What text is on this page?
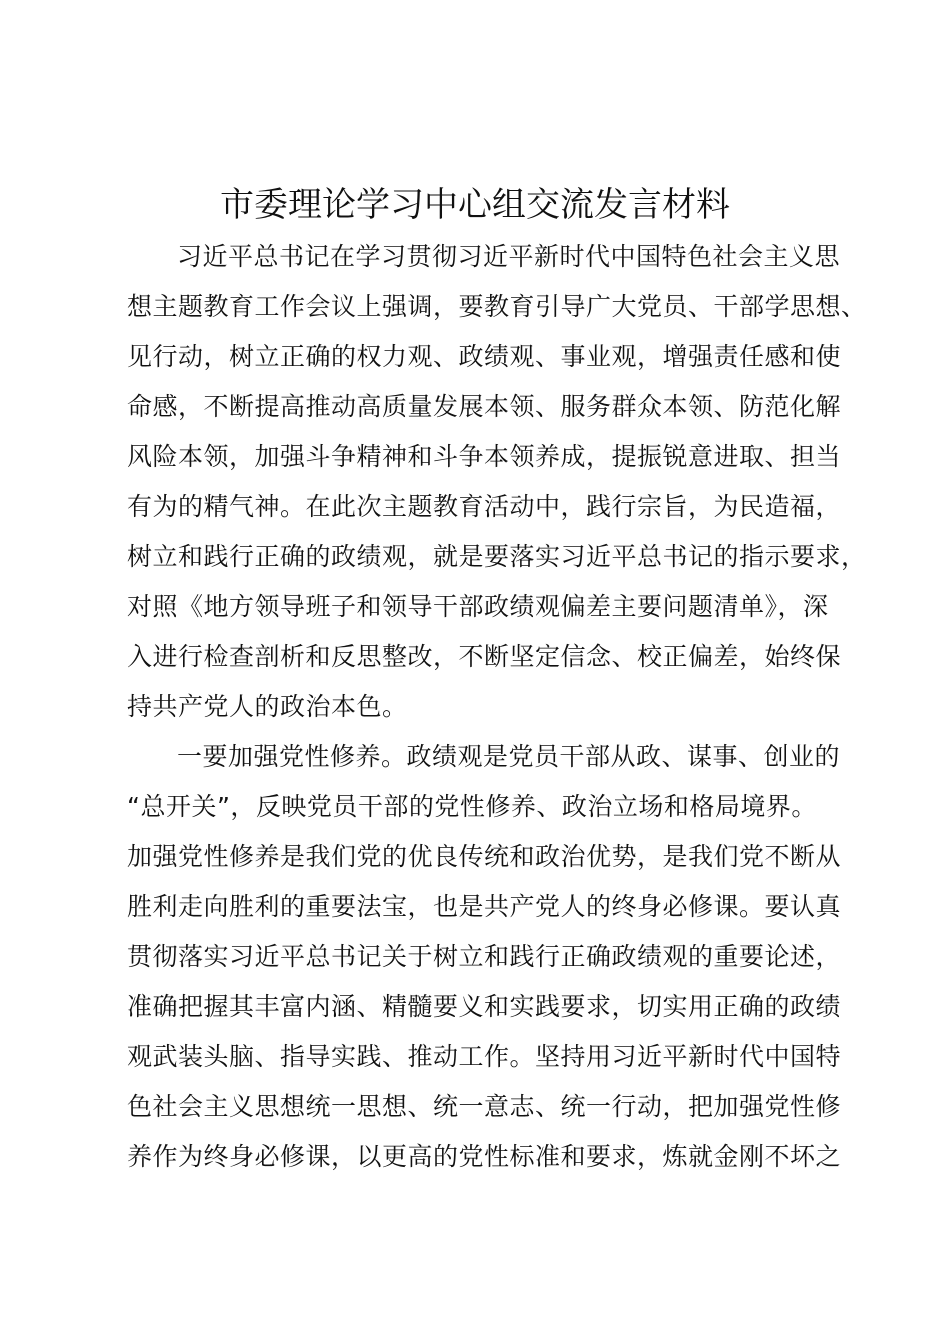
市委理论学习中心组交流发言材料
习近平总书记在学习贯彻习近平新时代中国特色社会主义思
想主题教育工作会议上强调，要教育引导广大党员、干部学思想、
见行动，树立正确的权力观、政绩观、事业观，增强责任感和使
命感，不断提高推动高质量发展本领、服务群众本领、防范化解
风险本领，加强斗争精神和斗争本领养成，提振锐意进取、担当
有为的精气神。在此次主题教育活动中，践行宗旨，为民造福，
树立和践行正确的政绩观，就是要落实习近平总书记的指示要求，
对照《地方领导班子和领导干部政绩观偏差主要问题清单》，深
入进行检查剖析和反思整改，不断坚定信念、校正偏差，始终保
持共产党人的政治本色。
一要加强党性修养。政绩观是党员干部从政、谋事、创业的
“总开关”，反映党员干部的党性修养、政治立场和格局境界。
加强党性修养是我们党的优良传统和政治优势，是我们党不断从
胜利走向胜利的重要法宝，也是共产党人的终身必修课。要认真
贯彻落实习近平总书记关于树立和践行正确政绩观的重要论述，
准确把握其丰富内涵、精髓要义和实践要求，切实用正确的政绩
观武装头脑、指导实践、推动工作。坚持用习近平新时代中国特
色社会主义思想统一思想、统一意志、统一行动，把加强党性修
养作为终身必修课，以更高的党性标准和要求，炼就金刚不坏之
